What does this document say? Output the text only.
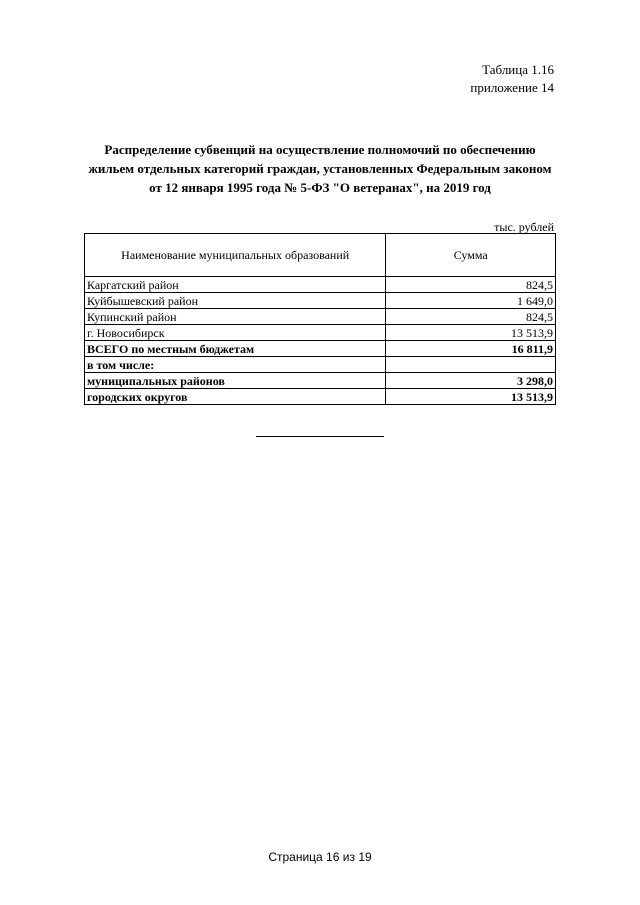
Таблица 1.16
приложение 14
Распределение субвенций на осуществление полномочий по обеспечению
жильем отдельных категорий граждан, установленных Федеральным законом
от 12 января 1995 года № 5-ФЗ "О ветеранах", на 2019 год
тыс. рублей
Наименование муниципальных образований	Сумма
Каргатский район	824,5
Куйбышевский район	1 649,0
Купинский район	824,5
г. Новосибирск	13 513,9
ВСЕГО по местным бюджетам	16 811,9
в том числе:	
муниципальных районов	3 298,0
городских округов	13 513,9
Страница 16 из 19
